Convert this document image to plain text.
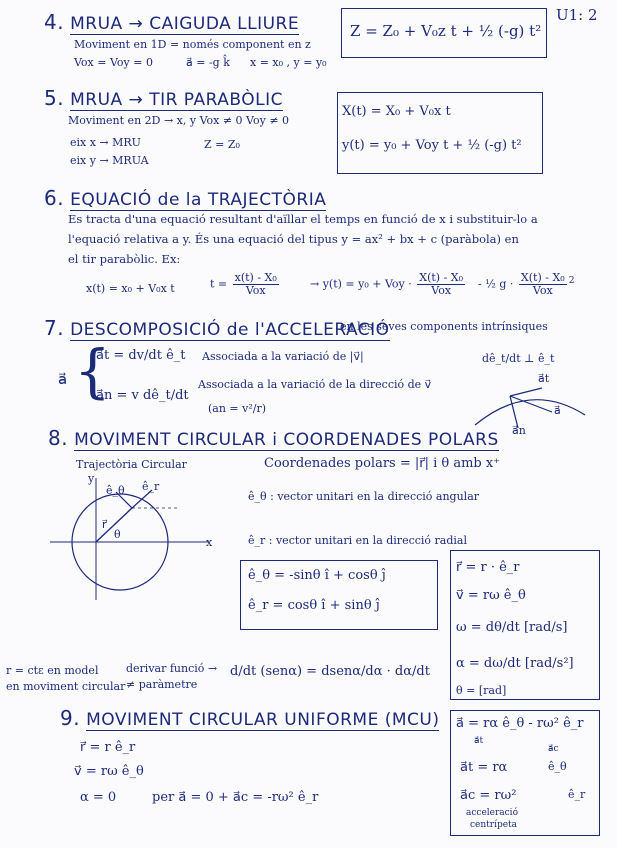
U1: 2
4. MRUA → CAIGUDA LLIURE
Moviment en 1D = només component en z
Vox = Voy = 0	a⃗ = -g k̂ x = x₀ , y = y₀
Z = Z₀ + V₀z t + ½ (-g) t²
5. MRUA → TIR PARABÒLIC
Moviment en 2D → x, y Vox ≠ 0 Voy ≠ 0
eix x → MRU	Z = Z₀
eix y → MRUA
X(t) = X₀ + V₀x t
y(t) = y₀ + Voy t + ½ (-g) t²
6. EQUACIÓ de la TRAJECTÒRIA
Es tracta d'una equació resultant d'aïllar el temps en funció de x i substituir-lo a
l'equació relativa a y. És una equació del tipus y = ax² + bx + c (paràbola) en
el tir parabòlic. Ex:
x(t) = x₀ + V₀x t	$t = \frac{\text{x(t) - X₀}}{\text{Vox}}$	→ y(t) = y₀ + Voy · $\frac{\text{X(t) - X₀}}{\text{Vox}}$ - ½ $g \cdot \frac{\text{X(t) - X₀}}{\text{Vox}} ^2$
7. DESCOMPOSICIÓ de l'ACCELERACIÓ
en les seves components intrínsiques
a⃗ {
a⃗t = dv/dt ê_t Associada a la variació de |v⃗|
a⃗n = v dê_t/dt
Associada a la variació de la direcció de v⃗
(an = v²/r)
dê_t/dt ⊥ ê_t
a⃗t
a⃗n
a⃗
8. MOVIMENT CIRCULAR i COORDENADES POLARS
Trajectòria Circular	Coordenades polars = |r⃗| i θ amb x⁺
ê_θ : vector unitari en la direcció angular
ê_r : vector unitari en la direcció radial
x
y
r⃗
θ
ê_r
ê_θ
ê_θ = -sinθ î + cosθ ĵ
ê_r = cosθ î + sinθ ĵ
r⃗ = r · ê_r
v⃗ = rω ê_θ
ω = dθ/dt [rad/s]
α = dω/dt [rad/s²]
θ = [rad]
r = ctε en model
en moviment circular
derivar funció →
≠ paràmetre
d/dt (senα) = dsenα/dα · dα/dt
9. MOVIMENT CIRCULAR UNIFORME (MCU)
r⃗ = r ê_r
v⃗ = rω ê_θ
α = 0	per a⃗ = 0 + a⃗c = -rω² ê_r
a⃗ = rα ê_θ - rω² ê_r
a⃗t
a⃗c
a⃗t = rα	ê_θ
a⃗c = rω²	ê_r
acceleració
centrípeta
